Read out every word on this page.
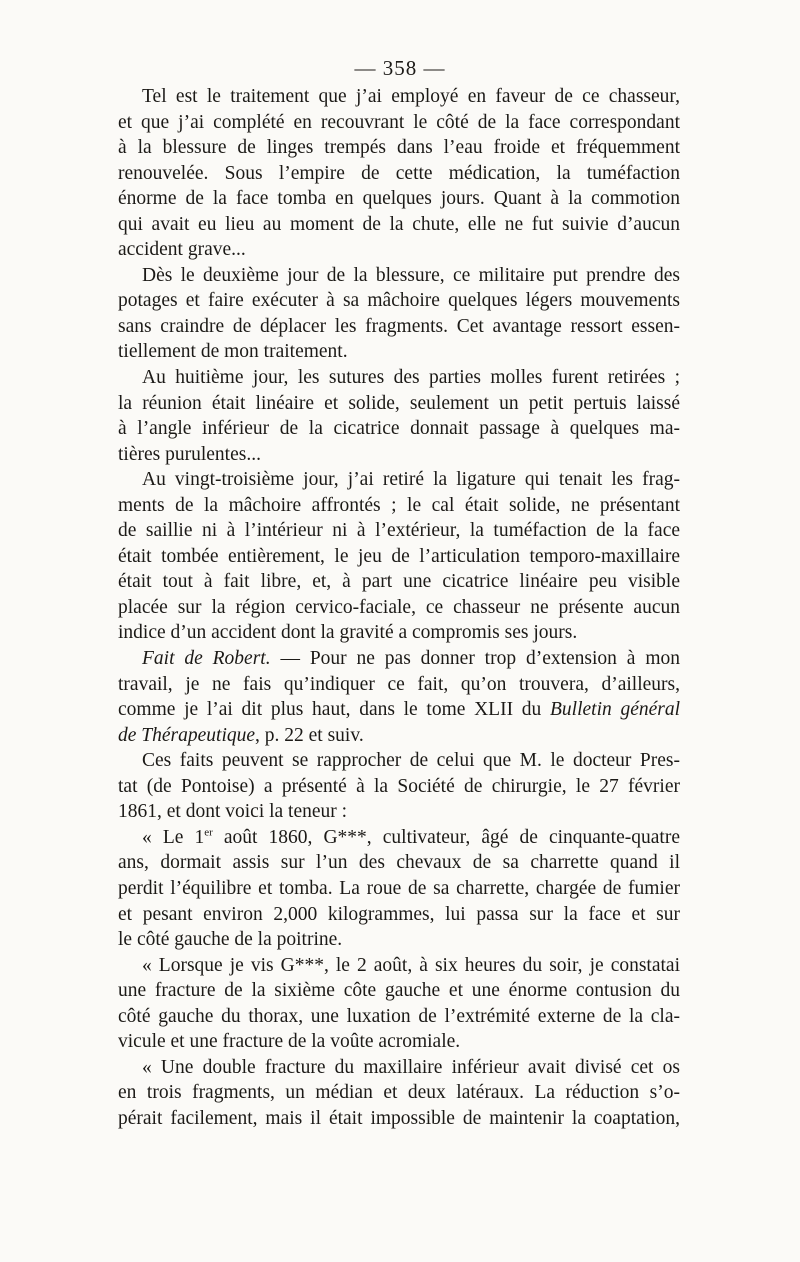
— 358 —
Tel est le traitement que j’ai employé en faveur de ce chasseur,
et que j’ai complété en recouvrant le côté de la face correspondant
à la blessure de linges trempés dans l’eau froide et fréquemment
renouvelée. Sous l’empire de cette médication, la tuméfaction
énorme de la face tomba en quelques jours. Quant à la commotion
qui avait eu lieu au moment de la chute, elle ne fut suivie d’aucun
accident grave...
Dès le deuxième jour de la blessure, ce militaire put prendre des
potages et faire exécuter à sa mâchoire quelques légers mouvements
sans craindre de déplacer les fragments. Cet avantage ressort essen-
tiellement de mon traitement.
Au huitième jour, les sutures des parties molles furent retirées ;
la réunion était linéaire et solide, seulement un petit pertuis laissé
à l’angle inférieur de la cicatrice donnait passage à quelques ma-
tières purulentes...
Au vingt-troisième jour, j’ai retiré la ligature qui tenait les frag-
ments de la mâchoire affrontés ; le cal était solide, ne présentant
de saillie ni à l’intérieur ni à l’extérieur, la tuméfaction de la face
était tombée entièrement, le jeu de l’articulation temporo-maxillaire
était tout à fait libre, et, à part une cicatrice linéaire peu visible
placée sur la région cervico-faciale, ce chasseur ne présente aucun
indice d’un accident dont la gravité a compromis ses jours.
Fait de Robert. — Pour ne pas donner trop d’extension à mon
travail, je ne fais qu’indiquer ce fait, qu’on trouvera, d’ailleurs,
comme je l’ai dit plus haut, dans le tome XLII du Bulletin général
de Thérapeutique, p. 22 et suiv.
Ces faits peuvent se rapprocher de celui que M. le docteur Pres-
tat (de Pontoise) a présenté à la Société de chirurgie, le 27 février
1861, et dont voici la teneur :
« Le 1er août 1860, G***, cultivateur, âgé de cinquante-quatre
ans, dormait assis sur l’un des chevaux de sa charrette quand il
perdit l’équilibre et tomba. La roue de sa charrette, chargée de fumier
et pesant environ 2,000 kilogrammes, lui passa sur la face et sur
le côté gauche de la poitrine.
« Lorsque je vis G***, le 2 août, à six heures du soir, je constatai
une fracture de la sixième côte gauche et une énorme contusion du
côté gauche du thorax, une luxation de l’extrémité externe de la cla-
vicule et une fracture de la voûte acromiale.
« Une double fracture du maxillaire inférieur avait divisé cet os
en trois fragments, un médian et deux latéraux. La réduction s’o-
pérait facilement, mais il était impossible de maintenir la coaptation,
